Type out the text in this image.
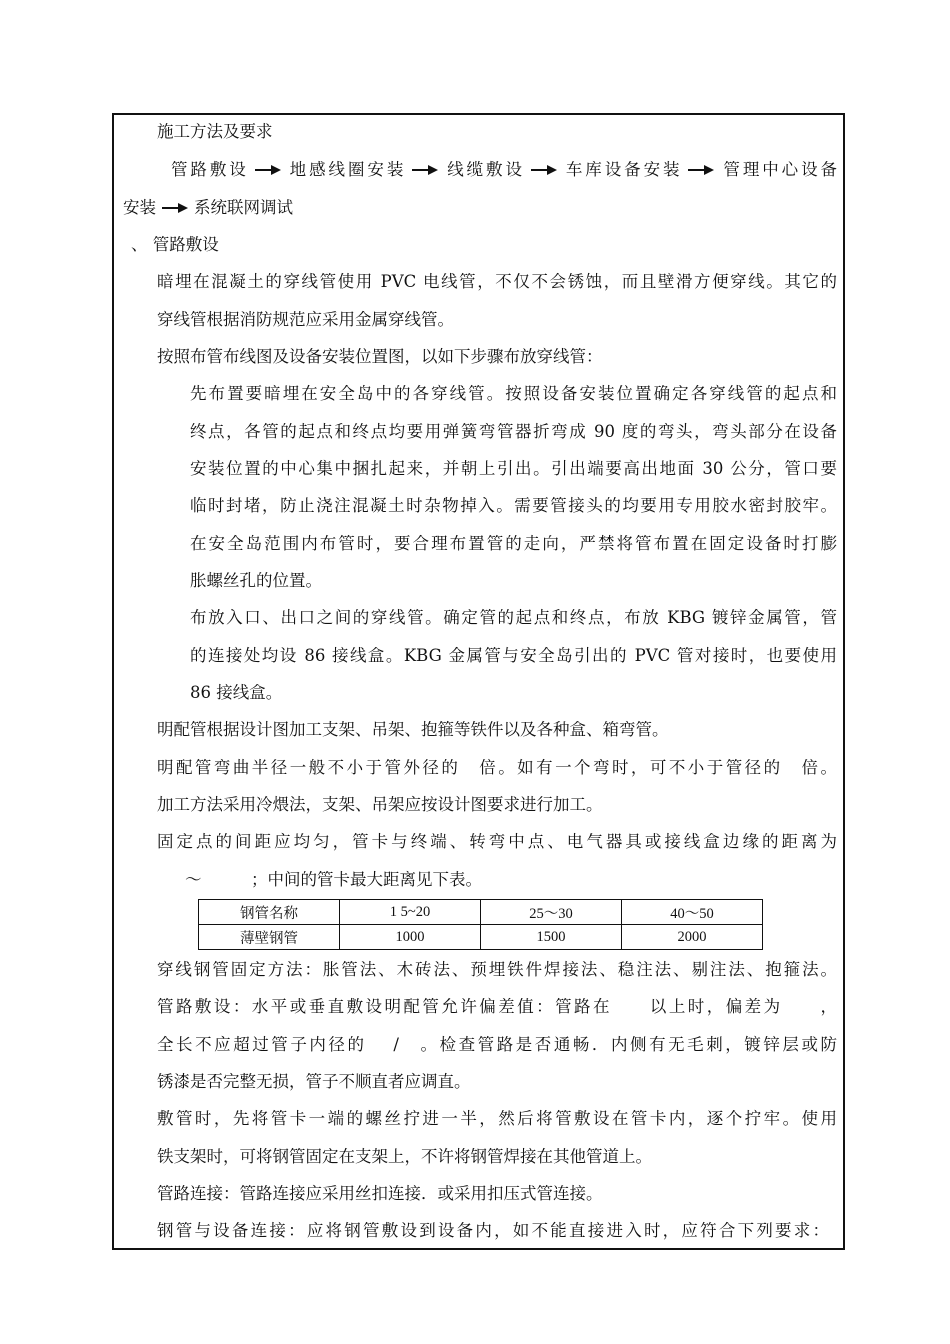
施工方法及要求
管路敷设 地感线圈安装 线缆敷设 车库设备安装 管理中心设备
安装 系统联网调试
、 管路敷设
暗埋在混凝土的穿线管使用 PVC 电线管，不仅不会锈蚀，而且壁滑方便穿线。其它的
穿线管根据消防规范应采用金属穿线管。
按照布管布线图及设备安装位置图，以如下步骤布放穿线管：
先布置要暗埋在安全岛中的各穿线管。按照设备安装位置确定各穿线管的起点和
终点，各管的起点和终点均要用弹簧弯管器折弯成 90 度的弯头，弯头部分在设备
安装位置的中心集中捆扎起来，并朝上引出。引出端要高出地面 30 公分，管口要
临时封堵，防止浇注混凝土时杂物掉入。需要管接头的均要用专用胶水密封胶牢。
在安全岛范围内布管时，要合理布置管的走向，严禁将管布置在固定设备时打膨
胀螺丝孔的位置。
布放入口、出口之间的穿线管。确定管的起点和终点，布放 KBG 镀锌金属管，管
的连接处均设 86 接线盒。KBG 金属管与安全岛引出的 PVC 管对接时，也要使用
86 接线盒。
明配管根据设计图加工支架、吊架、抱箍等铁件以及各种盒、箱弯管。
明配管弯曲半径一般不小于管外径的　倍。如有一个弯时，可不小于管径的　倍。
加工方法采用冷煨法，支架、吊架应按设计图要求进行加工。
固定点的间距应均匀，管卡与终端、转弯中点、电气器具或接线盒边缘的距离为
～　　　；中间的管卡最大距离见下表。
钢管名称	1 5~20	25～30	40～50
薄壁钢管	1000	1500	2000
穿线钢管固定方法：胀管法、木砖法、预埋铁件焊接法、稳注法、剔注法、抱箍法。
管路敷设：水平或垂直敷设明配管允许偏差值：管路在　　以上时，偏差为　　，
全长不应超过管子内径的　 /　。检查管路是否通畅．内侧有无毛刺，镀锌层或防
锈漆是否完整无损，管子不顺直者应调直。
敷管时，先将管卡一端的螺丝拧进一半，然后将管敷设在管卡内，逐个拧牢。使用
铁支架时，可将钢管固定在支架上，不许将钢管焊接在其他管道上。
管路连接：管路连接应采用丝扣连接．或采用扣压式管连接。
钢管与设备连接：应将钢管敷设到设备内，如不能直接进入时，应符合下列要求：
